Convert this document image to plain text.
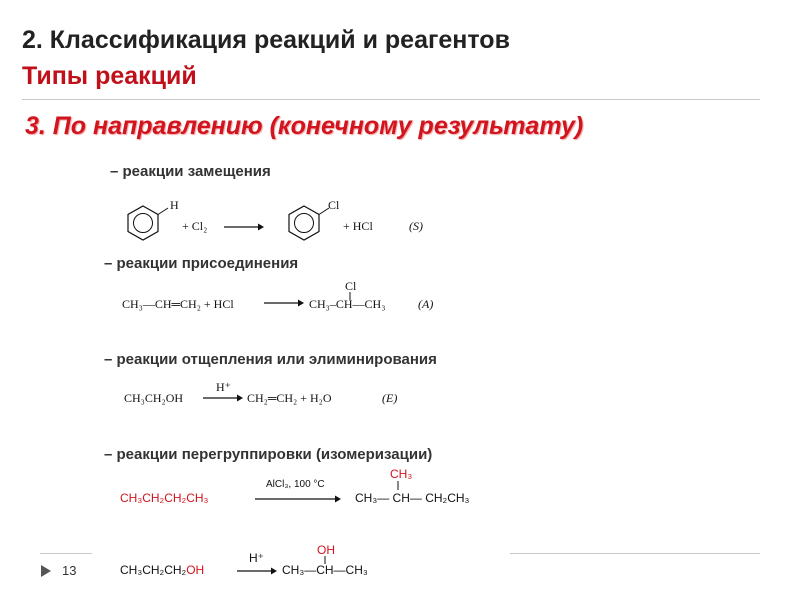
2. Классификация реакций и реагентов
Типы реакций
3. По направлению (конечному результату)
– реакции замещения
H
+ Cl₂ →
Cl
+ HCl	(S)
– реакции присоединения
CH₃—CH═CH₂ + HCl
Cl
CH₃–CH—CH₃	(A)
– реакции отщепления или элиминирования
CH₃CH₂OH
H⁺
→ CH₂═CH₂ + H₂O	(E)
– реакции перегруппировки (изомеризации)
CH₃CH₂CH₂CH₃
AlCl₃, 100 °C
CH₃
CH₃— CH— CH₂CH₃
CH₃CH₂CH₂OH
H⁺
OH
CH₃—CH—CH₃
13
